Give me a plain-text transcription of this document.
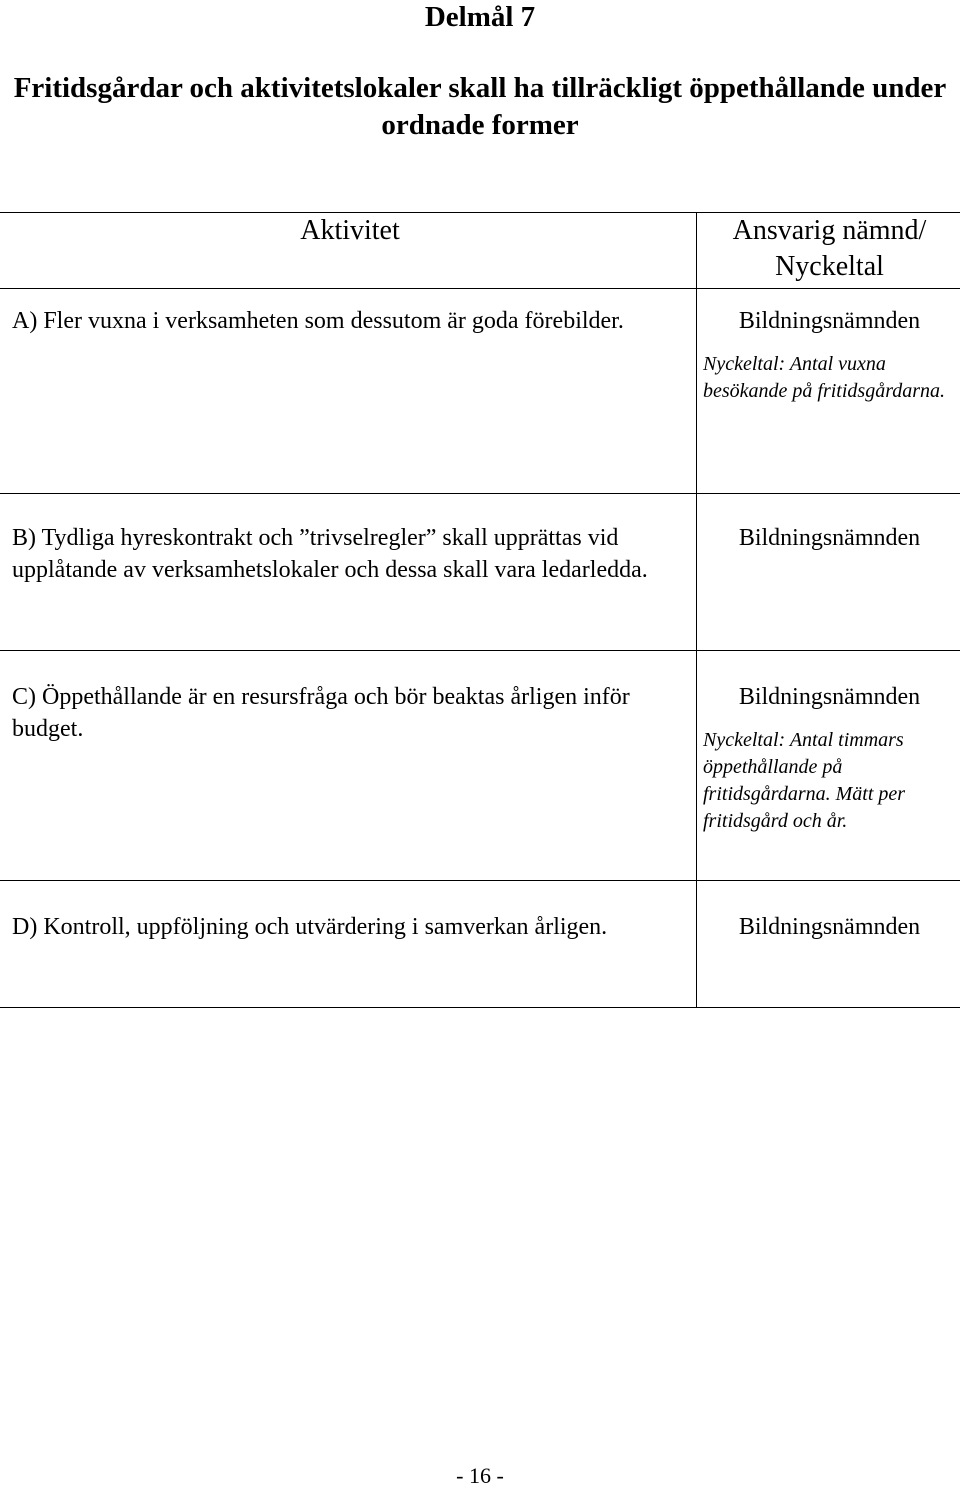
Delmål 7
Fritidsgårdar och aktivitetslokaler skall ha tillräckligt öppethållande under ordnade former
Aktivitet	Ansvarig nämnd/ Nyckeltal

A) Fler vuxna i verksamheten som dessutom är goda förebilder.	Bildningsnämnden
Nyckeltal: Antal vuxna besökande på fritidsgårdarna.

B) Tydliga hyreskontrakt och ”trivselregler” skall upprättas vid upplåtande av verksamhetslokaler och dessa skall vara ledarledda.	Bildningsnämnden

C) Öppethållande är en resursfråga och bör beaktas årligen inför budget.	Bildningsnämnden
Nyckeltal: Antal timmars öppethållande på fritidsgårdarna. Mätt per fritidsgård och år.

D) Kontroll, uppföljning och utvärdering i samverkan årligen.	Bildningsnämnden
- 16 -
